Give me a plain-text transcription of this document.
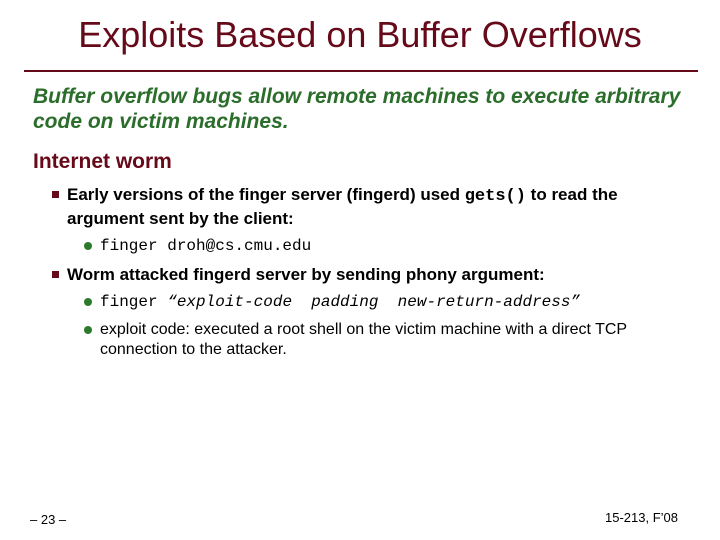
Exploits Based on Buffer Overflows
Buffer overflow bugs allow remote machines to execute arbitrary code on victim machines.
Internet worm
Early versions of the finger server (fingerd) used gets() to read the argument sent by the client:
finger droh@cs.cmu.edu
Worm attacked fingerd server by sending phony argument:
finger “exploit-code  padding  new-return-address”
exploit code: executed a root shell on the victim machine with a direct TCP connection to the attacker.
– 23 –	15-213, F’08
